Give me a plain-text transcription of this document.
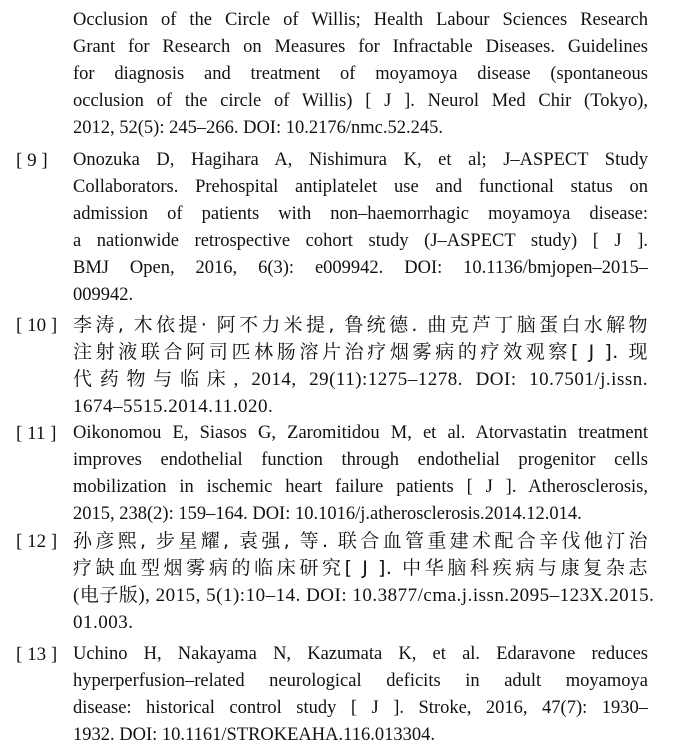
Occlusion of the Circle of Willis; Health Labour Sciences Research
Grant for Research on Measures for Infractable Diseases. Guidelines
for diagnosis and treatment of moyamoya disease (spontaneous
occlusion of the circle of Willis) [ J ]. Neurol Med Chir (Tokyo),
2012, 52(5): 245–266. DOI: 10.2176/nmc.52.245.
[ 9 ] Onozuka D, Hagihara A, Nishimura K, et al; J–ASPECT Study
Collaborators. Prehospital antiplatelet use and functional status on
admission of patients with non–haemorrhagic moyamoya disease:
a nationwide retrospective cohort study (J–ASPECT study) [ J ].
BMJ Open, 2016, 6(3): e009942. DOI: 10.1136/bmjopen–2015–
009942.
[ 10 ] 李涛, 木依提· 阿不力米提, 鲁统德. 曲克芦丁脑蛋白水解物
注射液联合阿司匹林肠溶片治疗烟雾病的疗效观察[ J ]. 现
代药物与临床, 2014, 29(11):1275–1278. DOI: 10.7501/j.issn.
1674–5515.2014.11.020.
[ 11 ] Oikonomou E, Siasos G, Zaromitidou M, et al. Atorvastatin treatment
improves endothelial function through endothelial progenitor cells
mobilization in ischemic heart failure patients [ J ]. Atherosclerosis,
2015, 238(2): 159–164. DOI: 10.1016/j.atherosclerosis.2014.12.014.
[ 12 ] 孙彦熙, 步星耀, 袁强, 等. 联合血管重建术配合辛伐他汀治
疗缺血型烟雾病的临床研究[ J ]. 中华脑科疾病与康复杂志
(电子版), 2015, 5(1):10–14. DOI: 10.3877/cma.j.issn.2095–123X.2015.
01.003.
[ 13 ] Uchino H, Nakayama N, Kazumata K, et al. Edaravone reduces
hyperperfusion–related neurological deficits in adult moyamoya
disease: historical control study [ J ]. Stroke, 2016, 47(7): 1930–
1932. DOI: 10.1161/STROKEAHA.116.013304.
